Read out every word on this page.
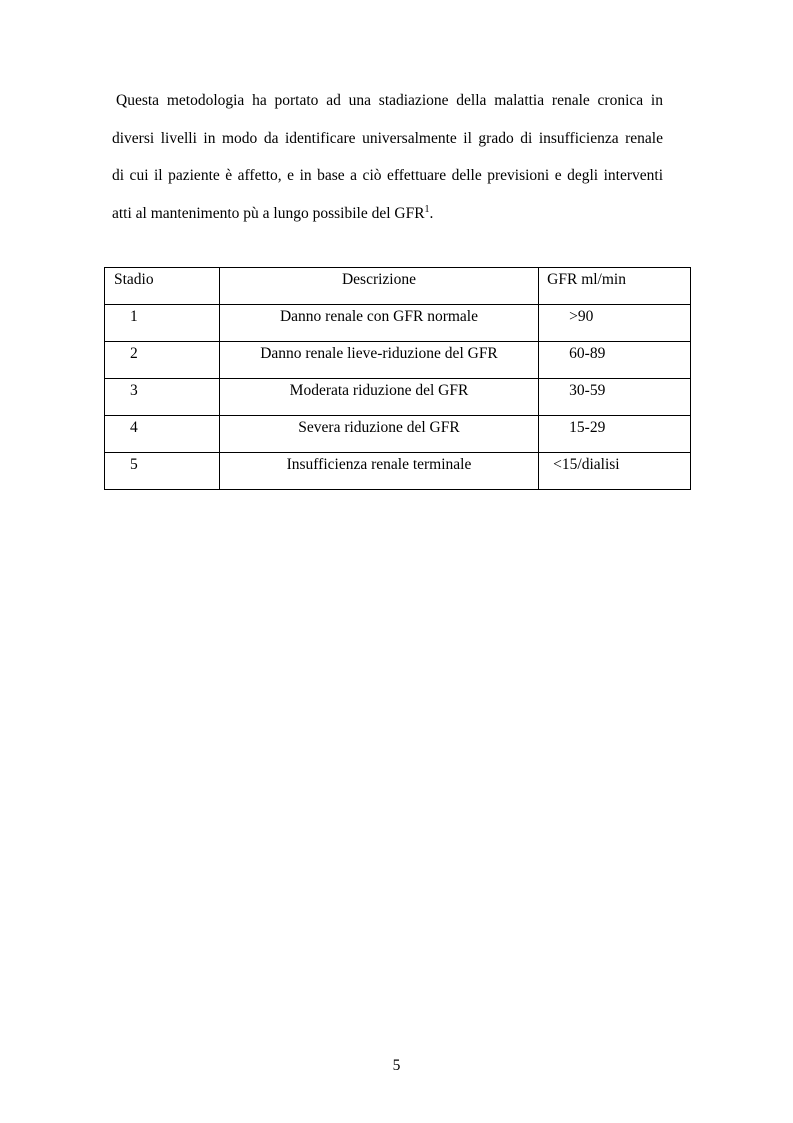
Questa metodologia ha portato ad una stadiazione della malattia renale cronica in
diversi livelli in modo da identificare universalmente il grado di insufficienza renale
di cui il paziente è affetto, e in base a ciò effettuare delle previsioni e degli interventi
atti al mantenimento pù a lungo possibile del GFR$^1$.

Stadio	Descrizione	GFR ml/min
1	Danno renale con GFR normale	>90
2	Danno renale lieve-riduzione del GFR	60-89
3	Moderata riduzione del GFR	30-59
4	Severa riduzione del GFR	15-29
5	Insufficienza renale terminale	<15/dialisi
5
